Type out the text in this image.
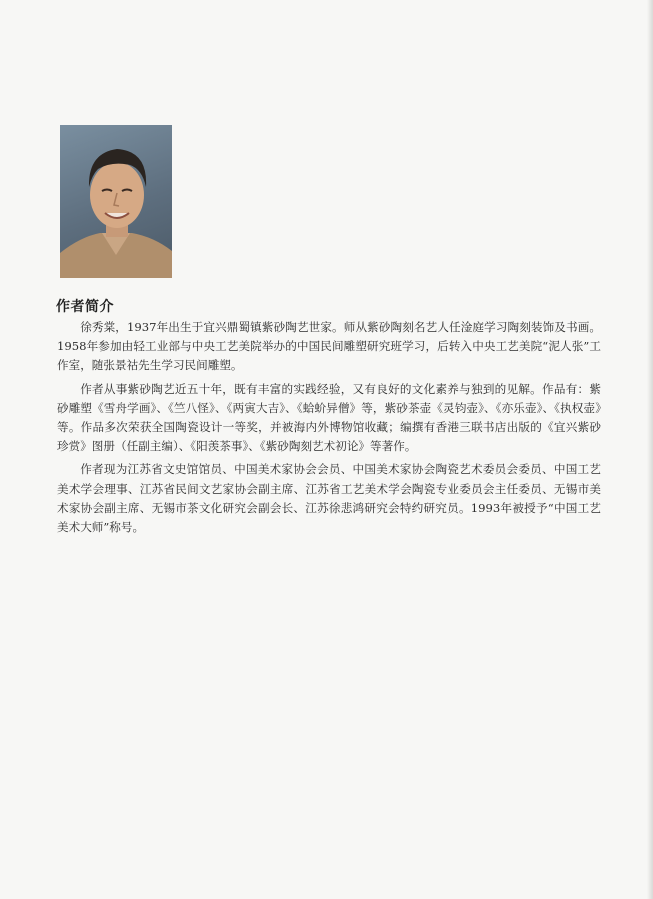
作者简介

徐秀棠，1937年出生于宜兴鼎蜀镇紫砂陶艺世家。师从紫砂陶刻名艺人任淦庭学习陶刻装饰及书画。1958年参加由轻工业部与中央工艺美院举办的中国民间雕塑研究班学习，后转入中央工艺美院“泥人张”工作室，随张景祜先生学习民间雕塑。

作者从事紫砂陶艺近五十年，既有丰富的实践经验，又有良好的文化素养与独到的见解。作品有：紫砂雕塑《雪舟学画》、《竺八怪》、《两寅大吉》、《蛤蚧异僧》等，紫砂茶壶《灵钧壶》、《亦乐壶》、《执权壶》等。作品多次荣获全国陶瓷设计一等奖，并被海内外博物馆收藏；编撰有香港三联书店出版的《宜兴紫砂珍赏》图册（任副主编）、《阳羡茶事》、《紫砂陶刻艺术初论》等著作。

作者现为江苏省文史馆馆员、中国美术家协会会员、中国美术家协会陶瓷艺术委员会委员、中国工艺美术学会理事、江苏省民间文艺家协会副主席、江苏省工艺美术学会陶瓷专业委员会主任委员、无锡市美术家协会副主席、无锡市茶文化研究会副会长、江苏徐悲鸿研究会特约研究员。1993年被授予“中国工艺美术大师”称号。
